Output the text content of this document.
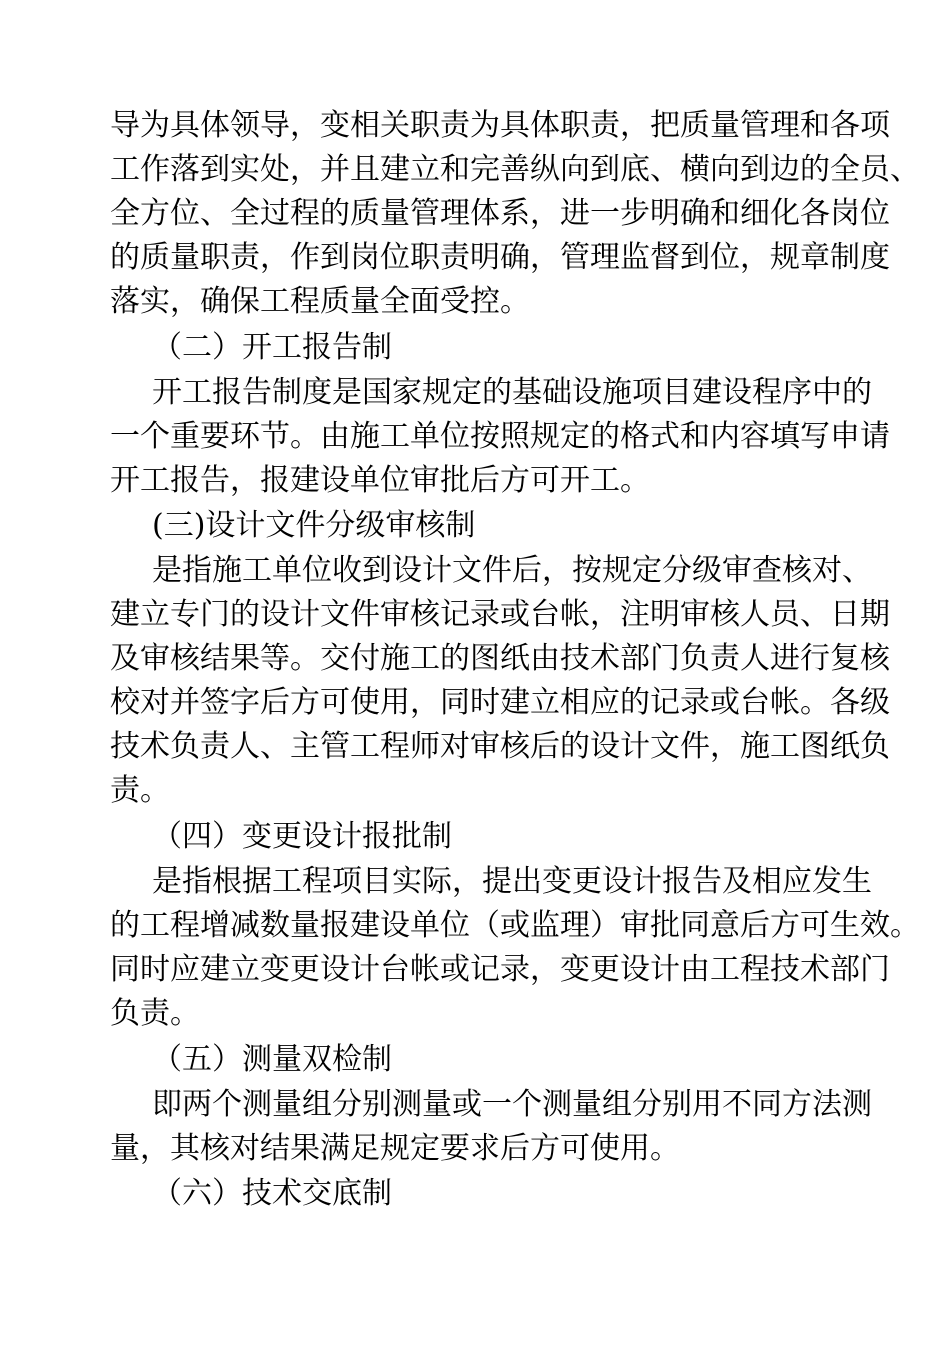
导为具体领导，变相关职责为具体职责，把质量管理和各项
工作落到实处，并且建立和完善纵向到底、横向到边的全员、
全方位、全过程的质量管理体系，进一步明确和细化各岗位
的质量职责，作到岗位职责明确，管理监督到位，规章制度
落实，确保工程质量全面受控。
（二）开工报告制
开工报告制度是国家规定的基础设施项目建设程序中的
一个重要环节。由施工单位按照规定的格式和内容填写申请
开工报告，报建设单位审批后方可开工。
(三)设计文件分级审核制
是指施工单位收到设计文件后，按规定分级审查核对、
建立专门的设计文件审核记录或台帐，注明审核人员、日期
及审核结果等。交付施工的图纸由技术部门负责人进行复核
校对并签字后方可使用，同时建立相应的记录或台帐。各级
技术负责人、主管工程师对审核后的设计文件，施工图纸负
责。
（四）变更设计报批制
是指根据工程项目实际，提出变更设计报告及相应发生
的工程增减数量报建设单位（或监理）审批同意后方可生效。
同时应建立变更设计台帐或记录，变更设计由工程技术部门
负责。
（五）测量双检制
即两个测量组分别测量或一个测量组分别用不同方法测
量，其核对结果满足规定要求后方可使用。
（六）技术交底制
